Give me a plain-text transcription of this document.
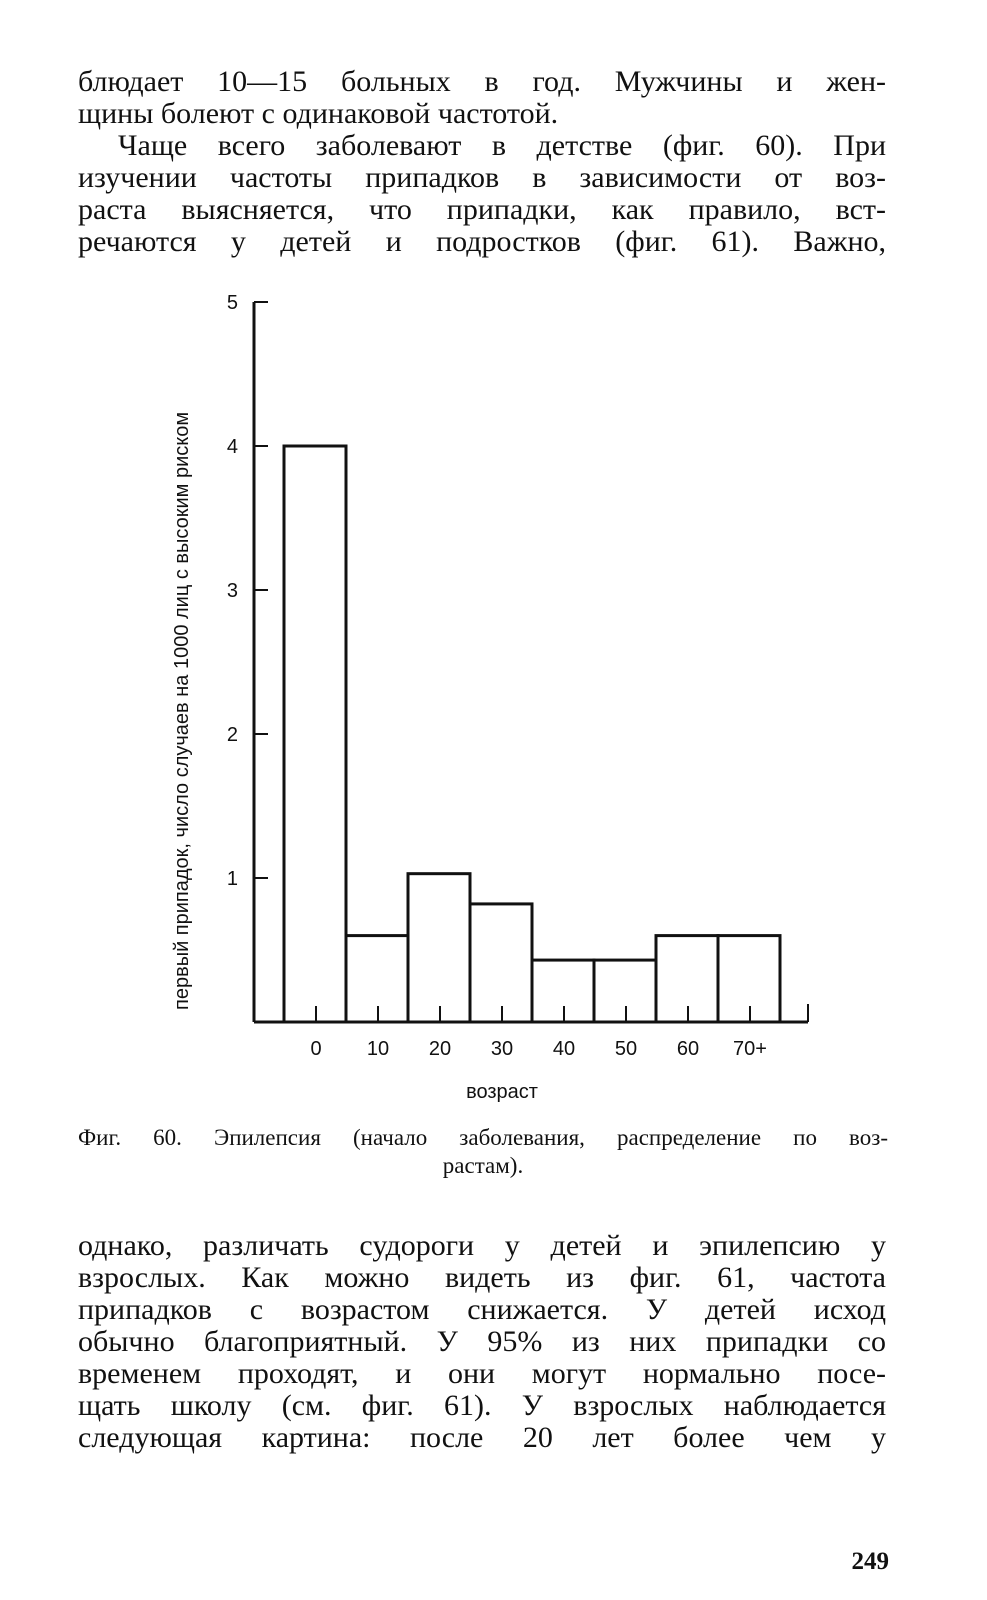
блюдает 10—15 больных в год. Мужчины и жен-
щины болеют с одинаковой частотой.
Чаще всего заболевают в детстве (фиг. 60). При
изучении частоты припадков в зависимости от воз-
раста выясняется, что припадки, как правило, вст-
речаются у детей и подростков (фиг. 61). Важно,
первый припадок, число случаев на 1000 лиц с высоким риском 1
2
3
4
5
0 10 20 30 40 50 60 70+
возраст
Фиг. 60. Эпилепсия (начало заболевания, распределение по воз-
растам).
однако, различать судороги у детей и эпилепсию у
взрослых. Как можно видеть из фиг. 61, частота
припадков с возрастом снижается. У детей исход
обычно благоприятный. У 95% из них припадки со
временем проходят, и они могут нормально посе-
щать школу (см. фиг. 61). У взрослых наблюдается
следующая картина: после 20 лет более чем у
249
